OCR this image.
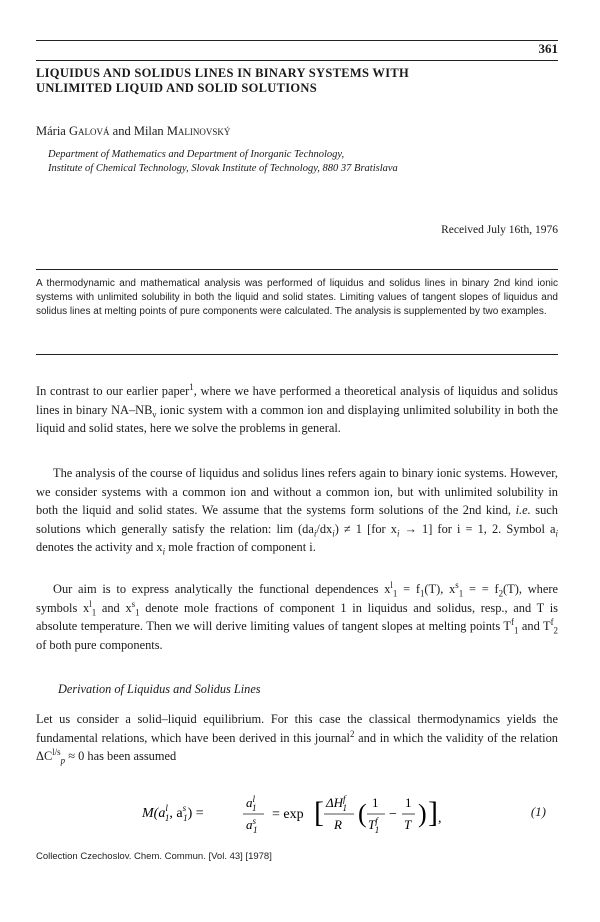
361
LIQUIDUS AND SOLIDUS LINES IN BINARY SYSTEMS WITH
UNLIMITED LIQUID AND SOLID SOLUTIONS
Mária Galová and Milan Malinovský
Department of Mathematics and Department of Inorganic Technology,
Institute of Chemical Technology, Slovak Institute of Technology, 880 37 Bratislava
Received July 16th, 1976
A thermodynamic and mathematical analysis was performed of liquidus and solidus lines in binary 2nd kind ionic systems with unlimited solubility in both the liquid and solid states. Limiting values of tangent slopes of liquidus and solidus lines at melting points of pure components were calculated. The analysis is supplemented by two examples.
In contrast to our earlier paper$^1$, where we have performed a theoretical analysis of liquidus and solidus lines in binary $NA-NB_\nu$ ionic system with a common ion and displaying unlimited solubility in both the liquid and solid states, here we solve the problems in general.
The analysis of the course of liquidus and solidus lines refers again to binary ionic systems. However, we consider systems with a common ion and without a common ion, but with unlimited solubility in both the liquid and solid states. We assume that the systems form solutions of the 2nd kind, i.e. such solutions which generally satisfy the relation: $\lim (da_i/dx_i) \ne 1$ [for $x_i \to 1$] for i = 1, 2. Symbol $a_i$ denotes the activity and $x_i$ mole fraction of component i.
Our aim is to express analytically the functional dependences $x^l_1 = f_1(T)$, $x^s_1$ = = $f_2(T)$, where symbols $x^l_1$ and $x^s_1$ denote mole fractions of component 1 in liquidus and solidus, resp., and T is absolute temperature. Then we will derive limiting values of tangent slopes at melting points $T^f_1$ and $T^f_2$ of both pure components.
Derivation of Liquidus and Solidus Lines
Let us consider a solid–liquid equilibrium. For this case the classical thermodynamics yields the fundamental relations, which have been derived in this journal$^2$ and in which the validity of the relation $\Delta C^{l/s}_p \approx 0$ has been assumed
$M(a^l$ 1, $a^s$ 1) =
$a^l$ 1
$a^s$ 1
= exp [ $\Delta H^f$ 1
R ( 1
$T^f$ 1
−
1
T ) ] ,	(1)
Collection Czechoslov. Chem. Commun. [Vol. 43] [1978]
